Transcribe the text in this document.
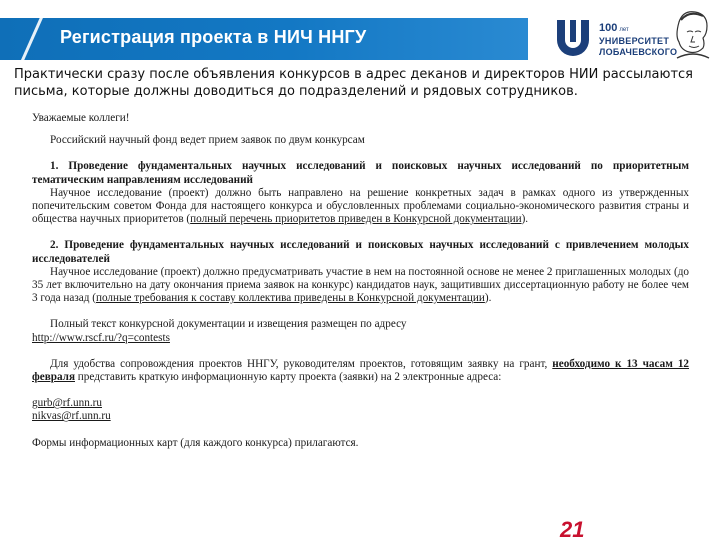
Регистрация проекта в НИЧ ННГУ	100 лет
УНИВЕРСИТЕТ
ЛОБАЧЕВСКОГО
Практически сразу после объявления конкурсов в адрес деканов и директоров НИИ рассылаются письма, которые должны доводиться до подразделений и рядовых сотрудников.

Уважаемые коллеги!

Российский научный фонд ведет прием заявок по двум конкурсам

1. Проведение фундаментальных научных исследований и поисковых научных исследований по приоритетным тематическим направлениям исследований

Научное исследование (проект) должно быть направлено на решение конкретных задач в рамках одного из утвержденных попечительским советом Фонда для настоящего конкурса и обусловленных проблемами социально-экономического развития страны и общества научных приоритетов (полный перечень приоритетов приведен в Конкурсной документации).

2. Проведение фундаментальных научных исследований и поисковых научных исследований с привлечением молодых исследователей

Научное исследование (проект) должно предусматривать участие в нем на постоянной основе не менее 2 приглашенных молодых (до 35 лет включительно на дату окончания приема заявок на конкурс) кандидатов наук, защитивших диссертационную работу не более чем 3 года назад (полные требования к составу коллектива приведены в Конкурсной документации).

Полный текст конкурсной документации и извещения размещен по адресу

http://www.rscf.ru/?q=contests

Для удобства сопровождения проектов ННГУ, руководителям проектов, готовящим заявку на грант, необходимо к 13 часам 12 февраля представить краткую информационную карту проекта (заявки) на 2 электронные адреса:

gurb@rf.unn.ru

nikvas@rf.unn.ru

Формы информационных карт (для каждого конкурса) прилагаются.

21
